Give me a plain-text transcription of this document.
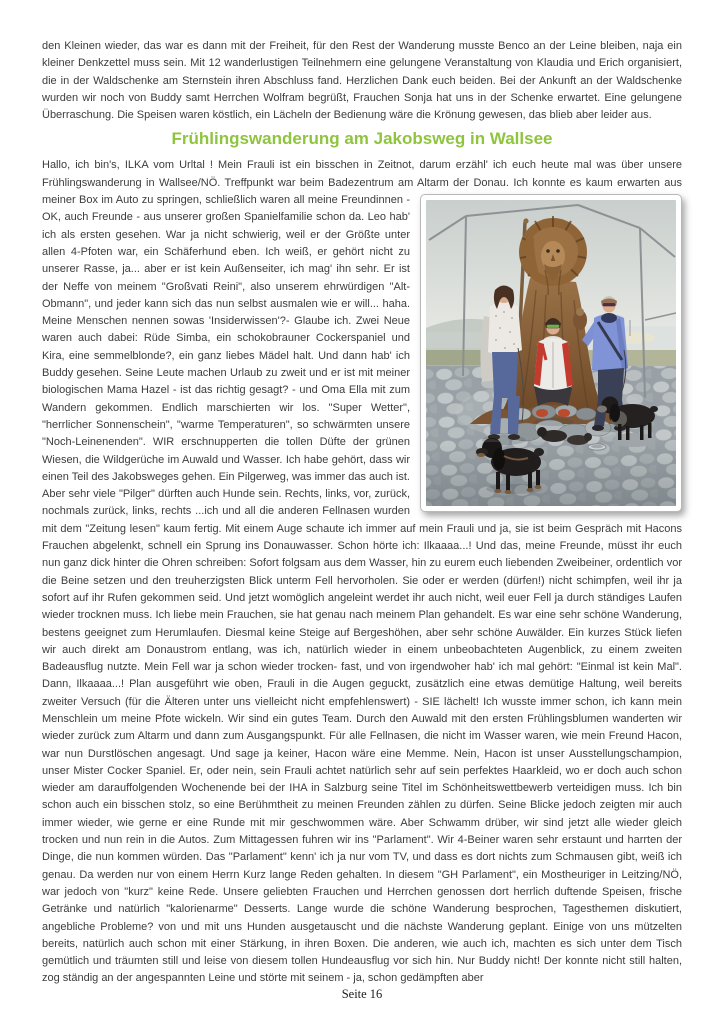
den Kleinen wieder, das war es dann mit der Freiheit, für den Rest der Wanderung musste Benco an der Leine bleiben, naja ein kleiner Denkzettel muss sein. Mit 12 wanderlustigen Teilnehmern eine gelungene Veranstaltung von Klaudia und Erich organisiert, die in der Waldschenke am Sternstein ihren Abschluss fand. Herzlichen Dank euch beiden. Bei der Ankunft an der Waldschenke wurden wir noch von Buddy samt Herrchen Wolfram begrüßt, Frauchen Sonja hat uns in der Schenke erwartet. Eine gelungene Überraschung. Die Speisen waren köstlich, ein Lächeln der Bedienung wäre die Krönung gewesen, das blieb aber leider aus.

Frühlingswanderung am Jakobsweg in Wallsee
Hallo, ich bin's, ILKA vom Urltal ! Mein Frauli ist ein bisschen in Zeitnot, darum erzähl' ich euch heute mal was über unsere Frühlingswanderung in Wallsee/NÖ. Treffpunkt war beim Badezentrum am Altarm der Donau. Ich konnte es kaum erwarten aus
meiner Box im Auto zu springen, schließlich waren all meine Freundinnen - OK, auch Freunde - aus unserer großen Spanielfamilie schon da. Leo hab' ich als ersten gesehen. War ja nicht schwierig, weil er der Größte unter allen 4-Pfoten war, ein Schäferhund eben. Ich weiß, er gehört nicht zu unserer Rasse, ja... aber er ist kein Außenseiter, ich mag' ihn sehr. Er ist der Neffe von meinem "Großvati Reini", also unserem ehrwürdigen "Alt-Obmann", und jeder kann sich das nun selbst ausmalen wie er will... haha. Meine Menschen nennen sowas 'Insiderwissen'?- Glaube ich. Zwei Neue waren auch dabei: Rüde Simba, ein schokobrauner Cockerspaniel und Kira, eine semmelblonde?, ein ganz liebes Mädel halt. Und dann hab' ich Buddy gesehen. Seine Leute machen Urlaub zu zweit und er ist mit meiner biologischen Mama Hazel - ist das richtig gesagt? - und Oma Ella mit zum Wandern gekommen. Endlich marschierten wir los. "Super Wetter", "herrlicher Sonnenschein", "warme Temperaturen", so schwärmten unsere "Noch-Leinenenden". WIR erschnupperten die tollen Düfte der grünen Wiesen, die Wildgerüche im Auwald und Wasser. Ich habe gehört, dass wir einen Teil des Jakobsweges gehen. Ein Pilgerweg, was immer das auch ist. Aber sehr viele "Pilger" dürften auch Hunde sein. Rechts, links, vor, zurück, nochmals zurück, links, rechts ...ich und all die anderen Fellnasen wurden mit dem "Zeitung lesen" kaum fertig. Mit einem Auge schaute ich immer auf mein Frauli und ja, sie ist beim Gespräch mit Hacons Frauchen abgelenkt, schnell ein Sprung ins Donauwasser. Schon hörte ich: Ilkaaaa...! Und das, meine Freunde, müsst ihr euch nun ganz dick hinter die Ohren schreiben: Sofort folgsam aus dem Wasser, hin zu eurem euch liebenden Zweibeiner, ordentlich vor die Beine setzen und den treuherzigsten Blick unterm Fell hervorholen. Sie oder er werden (dürfen!) nicht schimpfen, weil ihr ja sofort auf ihr Rufen gekommen seid. Und jetzt womöglich angeleint werdet ihr auch nicht, weil euer Fell ja durch ständiges Laufen wieder trocknen muss. Ich liebe mein Frauchen, sie hat genau nach meinem Plan gehandelt. Es war eine sehr schöne Wanderung, bestens geeignet zum Herumlaufen. Diesmal keine Steige auf Bergeshöhen, aber sehr schöne Auwälder. Ein kurzes Stück liefen wir auch direkt am Donaustrom entlang, was ich, natürlich wieder in einem unbeobachteten Augenblick, zu einem zweiten Badeausflug nutzte. Mein Fell war ja schon wieder trocken- fast, und von irgendwoher hab' ich mal gehört: "Einmal ist kein Mal". Dann, Ilkaaaa...! Plan ausgeführt wie oben, Frauli in die Augen geguckt, zusätzlich eine etwas demütige Haltung, weil bereits zweiter Versuch (für die Älteren unter uns vielleicht nicht empfehlenswert) - SIE lächelt! Ich wusste immer schon, ich kann mein Menschlein um meine Pfote wickeln. Wir sind ein gutes Team. Durch den Auwald mit den ersten Frühlingsblumen wanderten wir wieder zurück zum Altarm und dann zum Ausgangspunkt. Für alle Fellnasen, die nicht im Wasser waren, wie mein Freund Hacon, war nun Durstlöschen angesagt. Und sage ja keiner, Hacon wäre eine Memme. Nein, Hacon ist unser Ausstellungschampion, unser Mister Cocker Spaniel. Er, oder nein, sein Frauli achtet natürlich sehr auf sein perfektes Haarkleid, wo er doch auch schon wieder am darauffolgenden Wochenende bei der IHA in Salzburg seine Titel im Schönheitswettbewerb verteidigen muss. Ich bin schon auch ein bisschen stolz, so eine Berühmtheit zu meinen Freunden zählen zu dürfen. Seine Blicke jedoch zeigten mir auch immer wieder, wie gerne er eine Runde mit mir geschwommen wäre. Aber Schwamm drüber, wir sind jetzt alle wieder gleich trocken und nun rein in die Autos. Zum Mittagessen fuhren wir ins "Parlament". Wir 4-Beiner waren sehr erstaunt und harrten der Dinge, die nun kommen würden. Das "Parlament" kenn' ich ja nur vom TV, und dass es dort nichts zum Schmausen gibt, weiß ich genau. Da werden nur von einem Herrn Kurz lange Reden gehalten. In diesem "GH Parlament", ein Mostheuriger in Leitzing/NÖ, war jedoch von "kurz" keine Rede. Unsere geliebten Frauchen und Herrchen genossen dort herrlich duftende Speisen, frische Getränke und natürlich "kalorienarme" Desserts. Lange wurde die schöne Wanderung besprochen, Tagesthemen diskutiert, angebliche Probleme? von und mit uns Hunden ausgetauscht und die nächste Wanderung geplant. Einige von uns mützelten bereits, natürlich auch schon mit einer Stärkung, in ihren Boxen. Die anderen, wie auch ich, machten es sich unter dem Tisch gemütlich und träumten still und leise von diesem tollen Hundeausflug vor sich hin. Nur Buddy nicht! Der konnte nicht still halten, zog ständig an der angespannten Leine und störte mit seinem - ja, schon gedämpften aber
Seite 16
